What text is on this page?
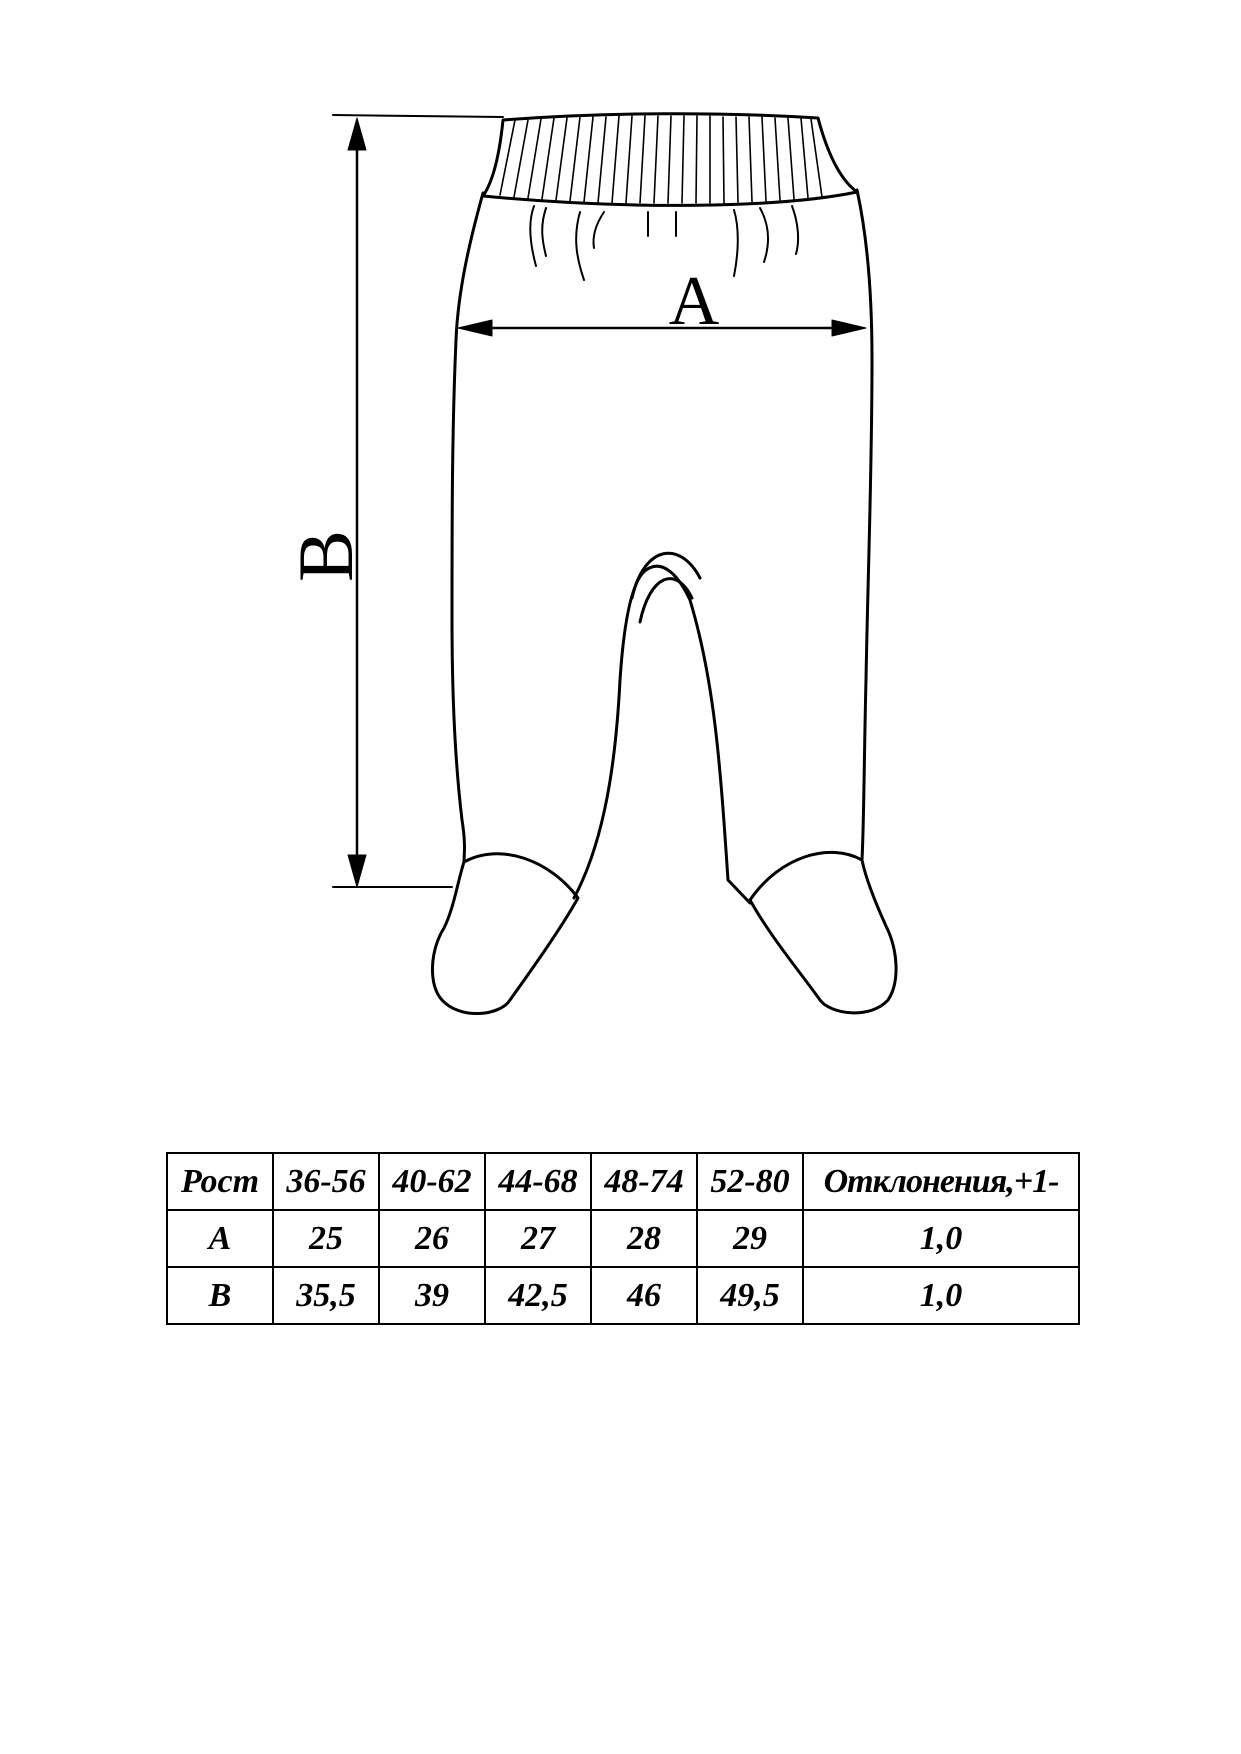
B
A
Рост	36-56	40-62	44-68	48-74	52-80	Отклонения,+1-
A	25	26	27	28	29	1,0
B	35,5	39	42,5	46	49,5	1,0
